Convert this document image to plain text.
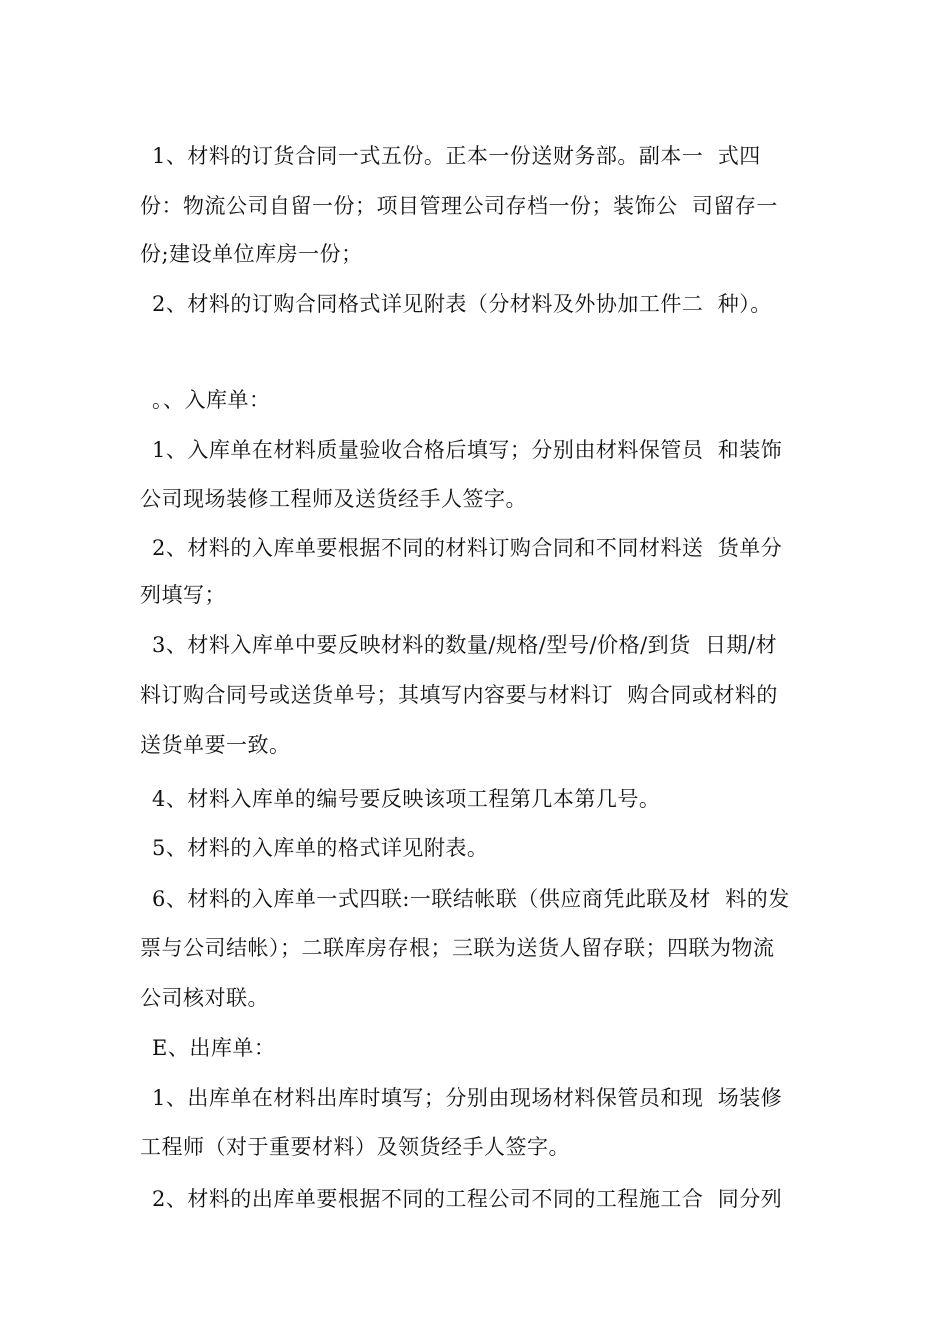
1、材料的订货合同一式五份。正本一份送财务部。副本一  式四
份：物流公司自留一份；项目管理公司存档一份；装饰公  司留存一
份;建设单位库房一份；
2、材料的订购合同格式详见附表（分材料及外协加工件二  种）。
。、入库单：
1、入库单在材料质量验收合格后填写；分别由材料保管员  和装饰
公司现场装修工程师及送货经手人签字。
2、材料的入库单要根据不同的材料订购合同和不同材料送  货单分
列填写；
3、材料入库单中要反映材料的数量/规格/型号/价格/到货  日期/材
料订购合同号或送货单号；其填写内容要与材料订  购合同或材料的
送货单要一致。
4、材料入库单的编号要反映该项工程第几本第几号。
5、材料的入库单的格式详见附表。
6、材料的入库单一式四联:一联结帐联（供应商凭此联及材  料的发
票与公司结帐）；二联库房存根；三联为送货人留存联；四联为物流
公司核对联。
E、出库单：
1、出库单在材料出库时填写；分别由现场材料保管员和现  场装修
工程师（对于重要材料）及领货经手人签字。
2、材料的出库单要根据不同的工程公司不同的工程施工合  同分列
